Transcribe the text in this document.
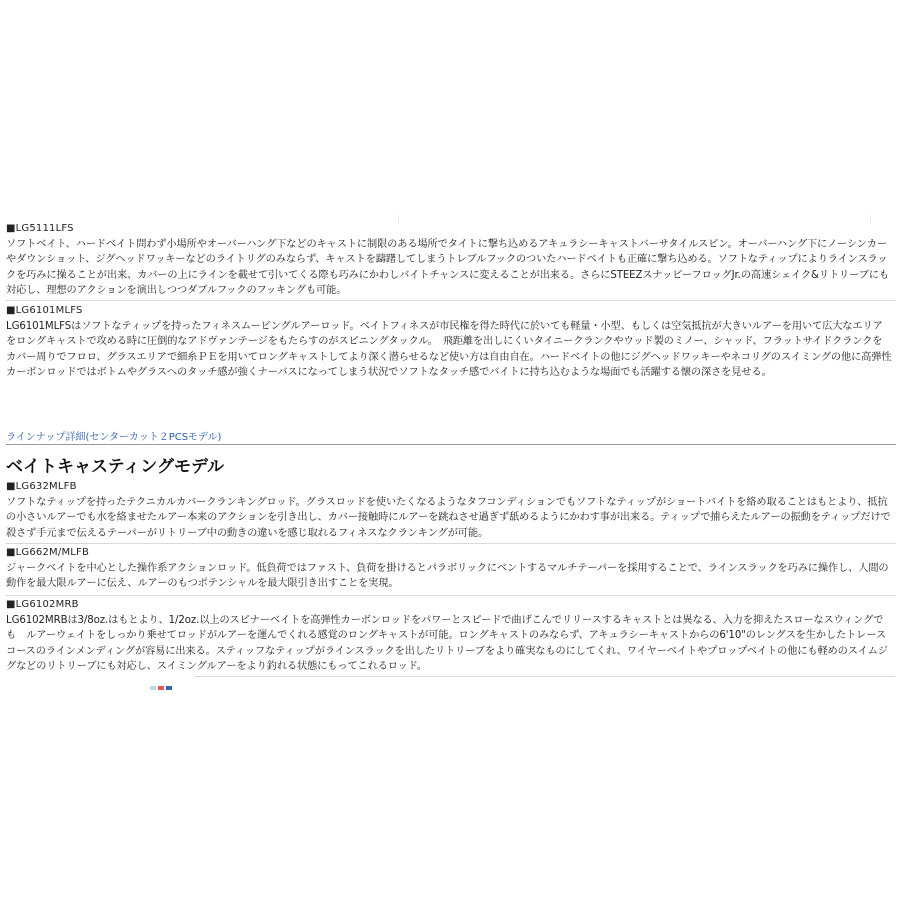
■LG5111LFS
ソフトベイト、ハードベイト問わず小場所やオーバーハング下などのキャストに制限のある場所でタイトに撃ち込めるアキュラシーキャストバーサタイルスピン。オーバーハング下にノーシンカーやダウンショット、ジグヘッドワッキーなどのライトリグのみならず、キャストを躊躇してしまうトレブルフックのついたハードベイトも正確に撃ち込める。ソフトなティップによりラインスラックを巧みに操ることが出来、カバーの上にラインを載せて引いてくる際も巧みにかわしバイトチャンスに変えることが出来る。さらにSTEEZスナッピーフロッグJr.の高速シェイク&リトリーブにも対応し、理想のアクションを演出しつつダブルフックのフッキングも可能。
■LG6101MLFS
LG6101MLFSはソフトなティップを持ったフィネスムービングルアーロッド。ベイトフィネスが市民権を得た時代に於いても軽量・小型、もしくは空気抵抗が大きいルアーを用いて広大なエリアをロングキャストで攻める時に圧倒的なアドヴァンテージをもたらすのがスピニングタックル。　飛距離を出しにくいタイニークランクやウッド製のミノー、シャッド、フラットサイドクランクをカバー周りでフロロ、グラスエリアで細糸ＰＥを用いてロングキャストしてより深く潜らせるなど使い方は自由自在。ハードベイトの他にジグヘッドワッキーやネコリグのスイミングの他に高弾性カーボンロッドではボトムやグラスへのタッチ感が強くナーバスになってしまう状況でソフトなタッチ感でバイトに持ち込むような場面でも活躍する懐の深さを見せる。
ラインナップ詳細(センターカット２PCSモデル)
ベイトキャスティングモデル
■LG632MLFB
ソフトなティップを持ったテクニカルカバークランキングロッド。グラスロッドを使いたくなるようなタフコンディションでもソフトなティップがショートバイトを絡め取ることはもとより、抵抗の小さいルアーでも水を絡ませたルアー本来のアクションを引き出し、カバー接触時にルアーを跳ねさせ過ぎず舐めるようにかわす事が出来る。ティップで捕らえたルアーの振動をティップだけで殺さず手元まで伝えるテーパーがリトリーブ中の動きの違いを感じ取れるフィネスなクランキングが可能。
■LG662M/MLFB
ジャークベイトを中心とした操作系アクションロッド。低負荷ではファスト、負荷を掛けるとパラボリックにベントするマルチテーパーを採用することで、ラインスラックを巧みに操作し、人間の動作を最大限ルアーに伝え、ルアーのもつポテンシャルを最大限引き出すことを実現。
■LG6102MRB
LG6102MRBは3/8oz.はもとより、1/2oz.以上のスピナーベイトを高弾性カーボンロッドをパワーとスピードで曲げこんでリリースするキャストとは異なる、入力を抑えたスローなスウィングでも　ルアーウェイトをしっかり乗せてロッドがルアーを運んでくれる感覚のロングキャストが可能。ロングキャストのみならず、アキュラシーキャストからの6'10"のレングスを生かしたトレースコースのラインメンディングが容易に出来る。スティッフなティップがラインスラックを出したリトリーブをより確実なものにしてくれ、ワイヤーベイトやプロップベイトの他にも軽めのスイムジグなどのリトリーブにも対応し、スイミングルアーをより釣れる状態にもってこれるロッド。
